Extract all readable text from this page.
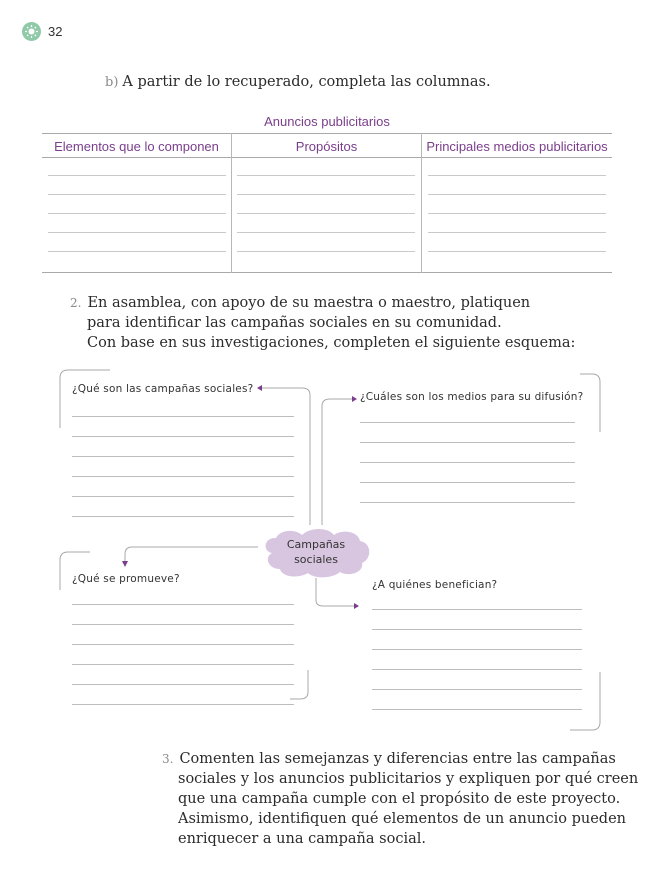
32
b) A partir de lo recuperado, completa las columnas.
Anuncios publicitarios
Elementos que lo componen	Propósitos	Principales medios publicitarios
2. En asamblea, con apoyo de su maestra o maestro, platiquen
para identificar las campañas sociales en su comunidad.
Con base en sus investigaciones, completen el siguiente esquema:
Campañas
sociales
¿Qué son las campañas sociales?
¿Cuáles son los medios para su difusión?
¿Qué se promueve?	¿A quiénes benefician?
3. Comenten las semejanzas y diferencias entre las campañas
sociales y los anuncios publicitarios y expliquen por qué creen
que una campaña cumple con el propósito de este proyecto.
Asimismo, identifiquen qué elementos de un anuncio pueden
enriquecer a una campaña social.
